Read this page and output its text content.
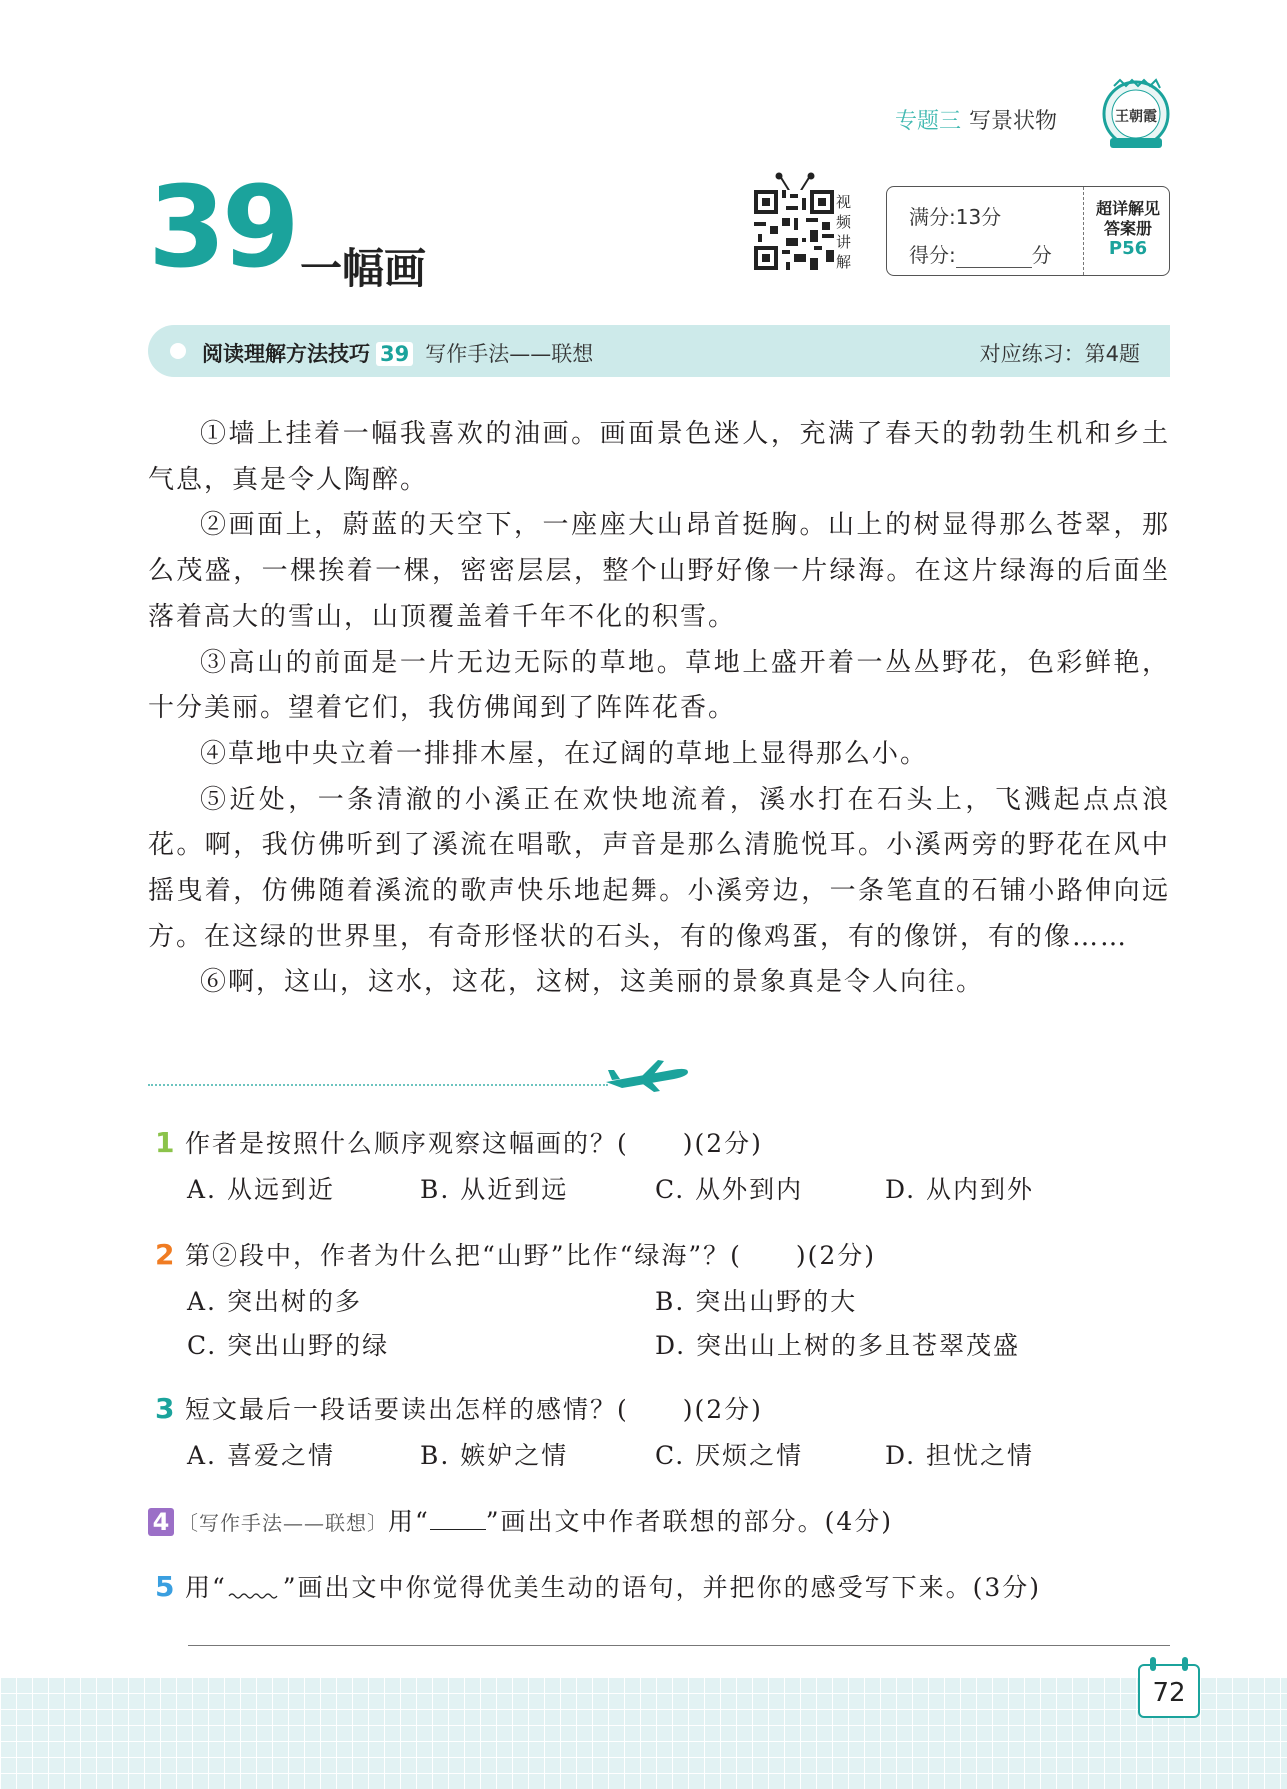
专题三 写景状物	王朝霞
39 一幅画
视频讲解
满分:13分
得分:	分
超详解见
答案册
P56
阅读理解方法技巧 39 写作手法——联想	对应练习：第4题

①墙上挂着一幅我喜欢的油画。画面景色迷人，充满了春天的勃勃生机和乡土气息，真是令人陶醉。

②画面上，蔚蓝的天空下，一座座大山昂首挺胸。山上的树显得那么苍翠，那么茂盛，一棵挨着一棵，密密层层，整个山野好像一片绿海。在这片绿海的后面坐落着高大的雪山，山顶覆盖着千年不化的积雪。

③高山的前面是一片无边无际的草地。草地上盛开着一丛丛野花，色彩鲜艳，十分美丽。望着它们，我仿佛闻到了阵阵花香。

④草地中央立着一排排木屋，在辽阔的草地上显得那么小。

⑤近处，一条清澈的小溪正在欢快地流着，溪水打在石头上，飞溅起点点浪花。啊，我仿佛听到了溪流在唱歌，声音是那么清脆悦耳。小溪两旁的野花在风中摇曳着，仿佛随着溪流的歌声快乐地起舞。小溪旁边，一条笔直的石铺小路伸向远方。在这绿的世界里，有奇形怪状的石头，有的像鸡蛋，有的像饼，有的像……

⑥啊，这山，这水，这花，这树，这美丽的景象真是令人向往。

1 作者是按照什么顺序观察这幅画的？(　　)(2分)
A. 从远到近	B. 从近到远	C. 从外到内	D. 从内到外
2 第②段中，作者为什么把“山野”比作“绿海”？(　　)(2分)
A. 突出树的多	B. 突出山野的大
C. 突出山野的绿	D. 突出山上树的多且苍翠茂盛
3 短文最后一段话要读出怎样的感情？(　　)(2分)
A. 喜爱之情	B. 嫉妒之情	C. 厌烦之情	D. 担忧之情
4 〔写作手法——联想〕用“ ”画出文中作者联想的部分。(4分)
5 用“ ”画出文中你觉得优美生动的语句，并把你的感受写下来。(3分)
72
